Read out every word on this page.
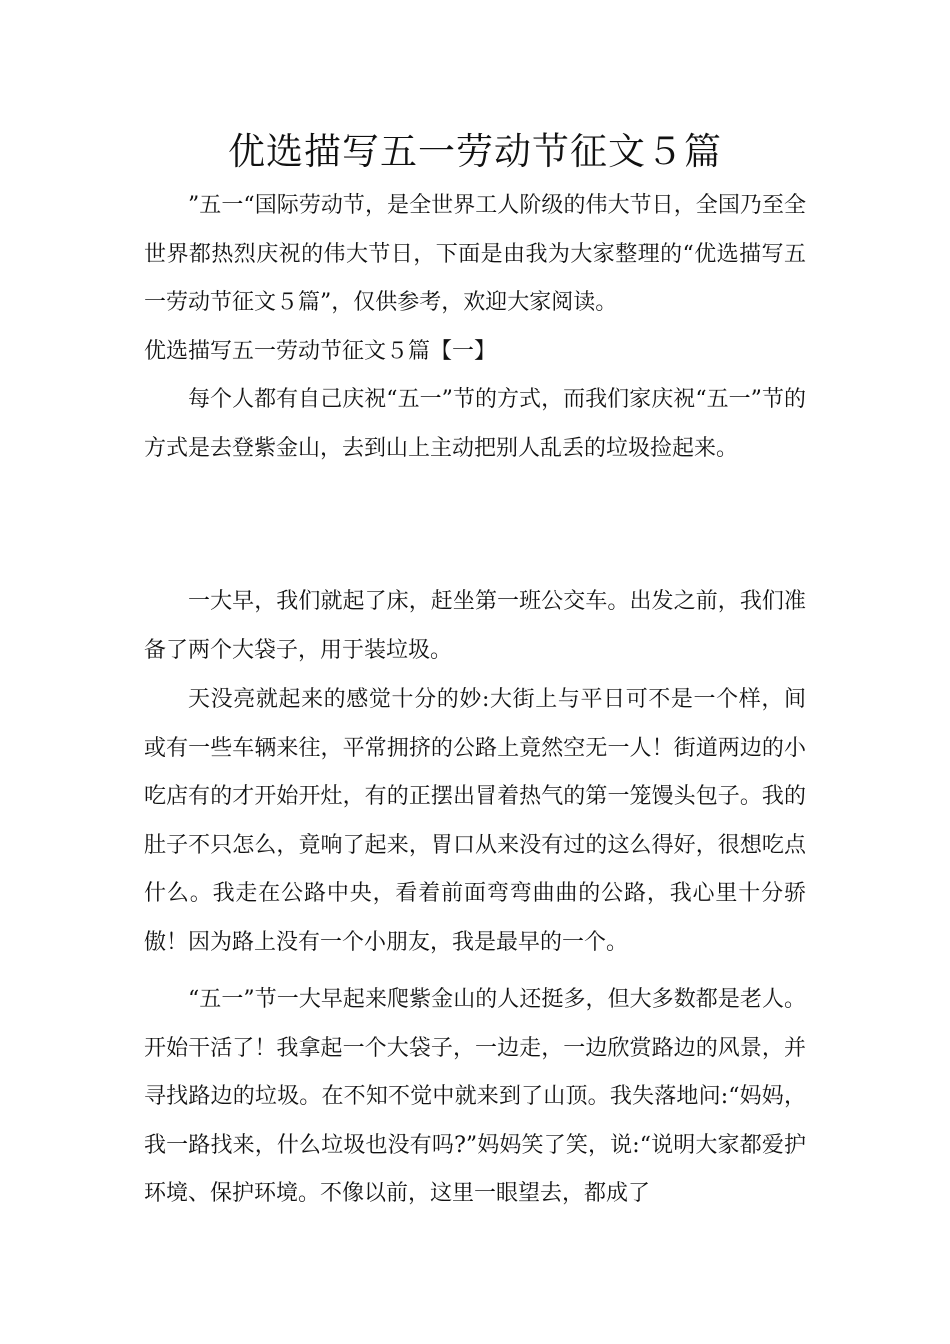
优选描写五一劳动节征文５篇

”五一“国际劳动节，是全世界工人阶级的伟大节日，全国乃至全世界都热烈庆祝的伟大节日，下面是由我为大家整理的“优选描写五一劳动节征文５篇”，仅供参考，欢迎大家阅读。

优选描写五一劳动节征文５篇【一】

每个人都有自己庆祝“五一”节的方式，而我们家庆祝“五一”节的方式是去登紫金山，去到山上主动把别人乱丢的垃圾捡起来。

一大早，我们就起了床，赶坐第一班公交车。出发之前，我们准备了两个大袋子，用于装垃圾。

天没亮就起来的感觉十分的妙:大街上与平日可不是一个样，间或有一些车辆来往，平常拥挤的公路上竟然空无一人！街道两边的小吃店有的才开始开灶，有的正摆出冒着热气的第一笼馒头包子。我的肚子不只怎么，竟响了起来，胃口从来没有过的这么得好，很想吃点什么。我走在公路中央，看着前面弯弯曲曲的公路，我心里十分骄傲！因为路上没有一个小朋友，我是最早的一个。

“五一”节一大早起来爬紫金山的人还挺多，但大多数都是老人。开始干活了！我拿起一个大袋子，一边走，一边欣赏路边的风景，并寻找路边的垃圾。在不知不觉中就来到了山顶。我失落地问:“妈妈，我一路找来，什么垃圾也没有吗?”妈妈笑了笑，说:“说明大家都爱护环境、保护环境。不像以前，这里一眼望去，都成了
